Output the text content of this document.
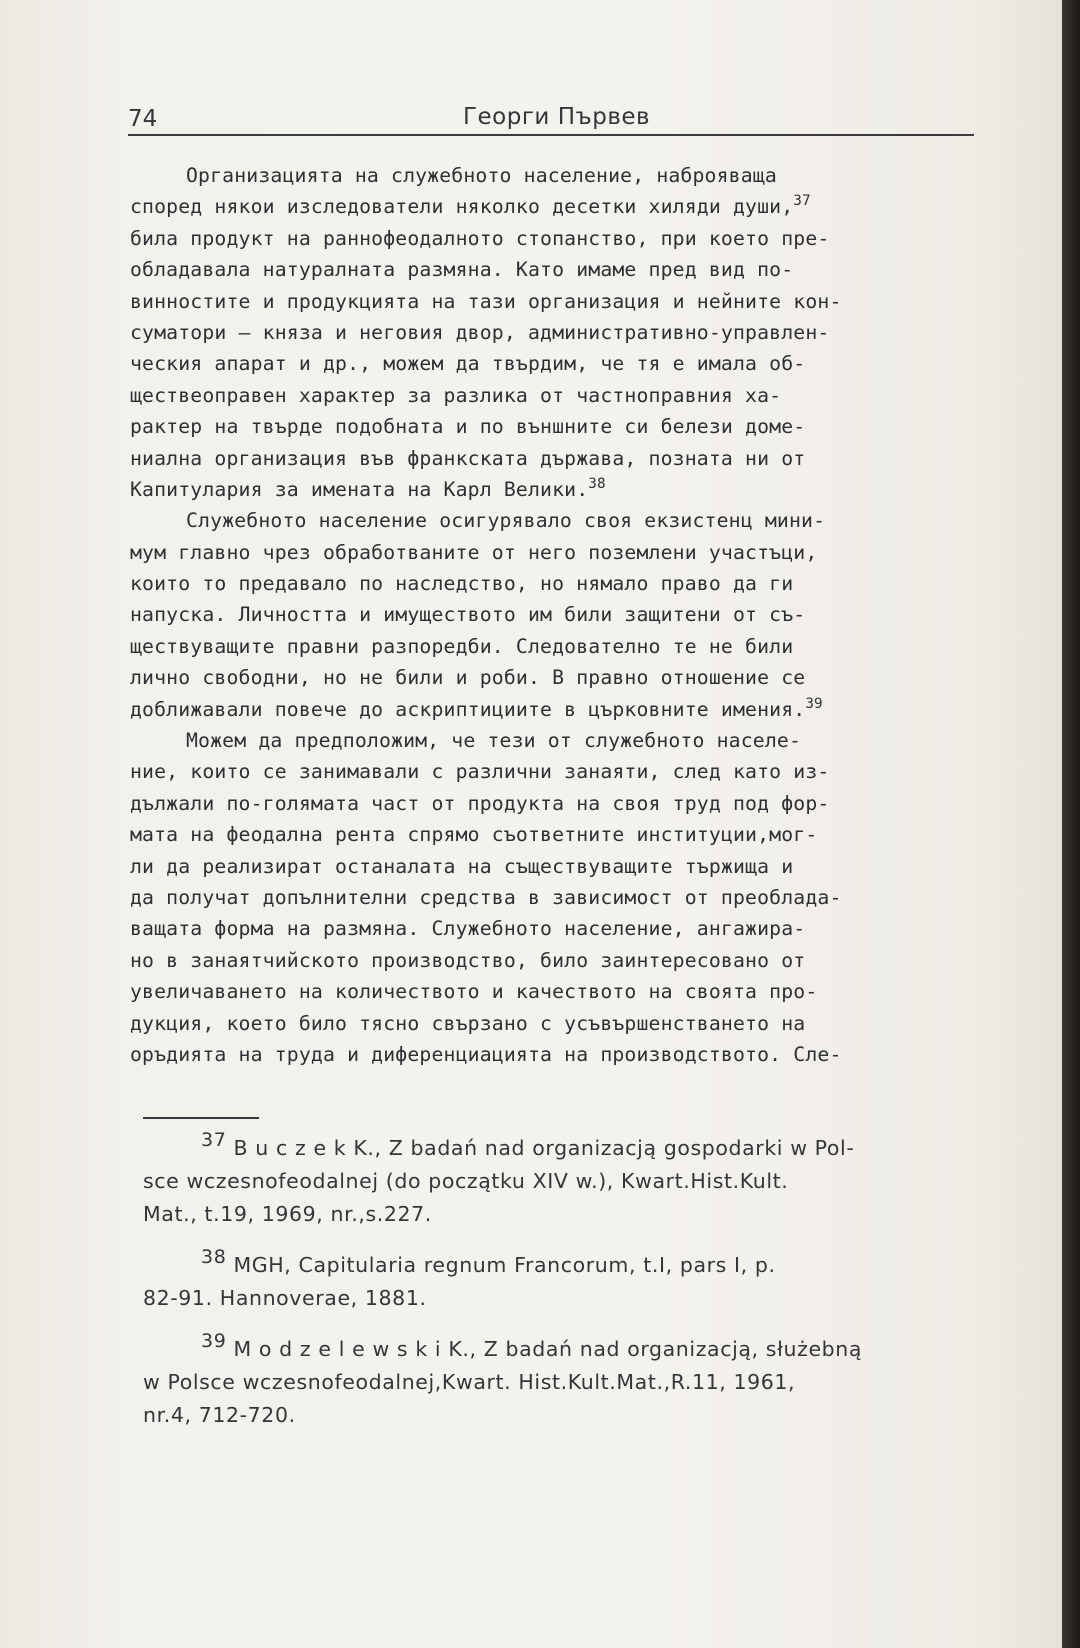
74	Георги Първев
Организацията на служебното население, наброяваща
според някои изследователи няколко десетки хиляди души,$^{37}$
била продукт на раннофеодалното стопанство, при което пре-
обладавала натуралната размяна. Като имаме пред вид по-
винностите и продукцията на тази организация и нейните кон-
суматори – княза и неговия двор, административно-управлен-
ческия апарат и др., можем да твърдим, че тя е имала об-
ществеоправен характер за разлика от частноправния ха-
рактер на твърде подобната и по външните си белези доме-
ниална организация във франкската държава, позната ни от
Капитулария за имената на Карл Велики.$^{38}$
Служебното население осигурявало своя екзистенц мини-
мум главно чрез обработваните от него поземлени участъци,
които то предавало по наследство, но нямало право да ги
напуска. Личността и имуществото им били защитени от съ-
ществуващите правни разпоредби. Следователно те не били
лично свободни, но не били и роби. В правно отношение се
доближавали повече до аскриптициите в църковните имения.$^{39}$
Можем да предположим, че тези от служебното населе-
ние, които се занимавали с различни занаяти, след като из-
дължали по-голямата част от продукта на своя труд под фор-
мата на феодална рента спрямо съответните институции,мог-
ли да реализират останалата на съществуващите тържища и
да получат допълнителни средства в зависимост от преоблада-
ващата форма на размяна. Служебното население, ангажира-
но в занаятчийското производство, било заинтересовано от
увеличаването на количеството и качеството на своята про-
дукция, което било тясно свързано с усъвършенстването на
оръдията на труда и диференциацията на производството. Сле-
37 B u c z e k K., Z badań nad organizacją gospodarki w Pol-
sce wczesnofeodalnej (do początku XIV w.), Kwart.Hist.Kult.
Mat., t.19, 1969, nr.,s.227.
38 MGH, Capitularia regnum Francorum, t.I, pars I, p.
82-91. Hannoverae, 1881.
39 M o d z e l e w s k i K., Z badań nad organizacją, służebną
w Polsce wczesnofeodalnej,Kwart. Hist.Kult.Mat.,R.11, 1961,
nr.4, 712-720.
